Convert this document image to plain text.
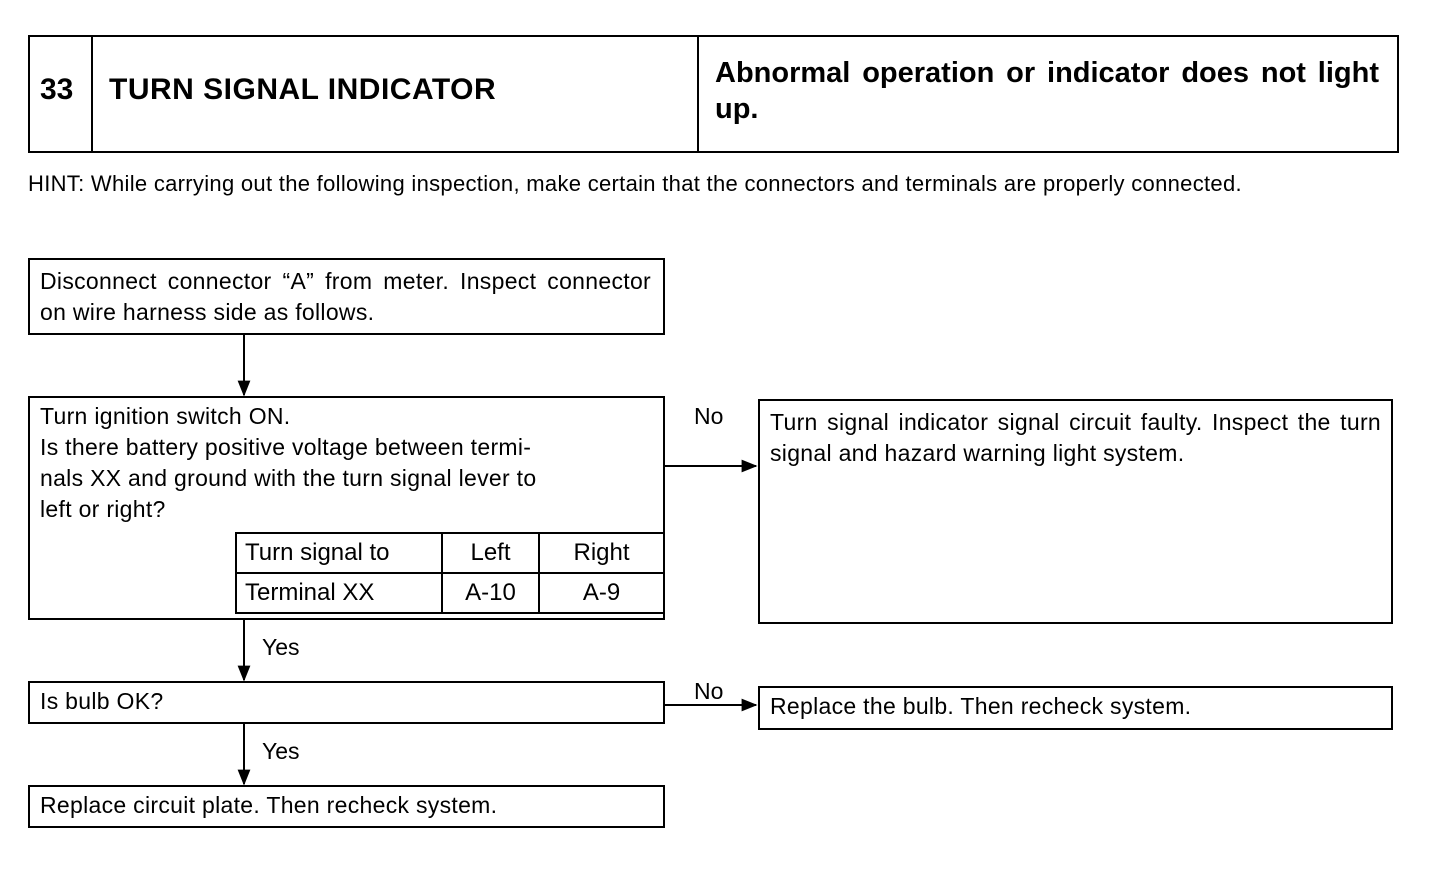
33 TURN SIGNAL INDICATOR	Abnormal operation or indicator does not light up.
HINT: While carrying out the following inspection, make certain that the connectors and terminals are properly connected.
Disconnect connector “A” from meter. Inspect connector on wire harness side as follows.
Turn ignition switch ON.
Is there battery positive voltage between termi-
nals XX and ground with the turn signal lever to
left or right?
Turn signal to	Left	Right
Terminal XX	A-10	A-9
Turn signal indicator signal circuit faulty. Inspect the turn signal and hazard warning light system.
Is bulb OK?	Replace the bulb. Then recheck system.
Replace circuit plate. Then recheck system.
No
Yes
No
Yes
